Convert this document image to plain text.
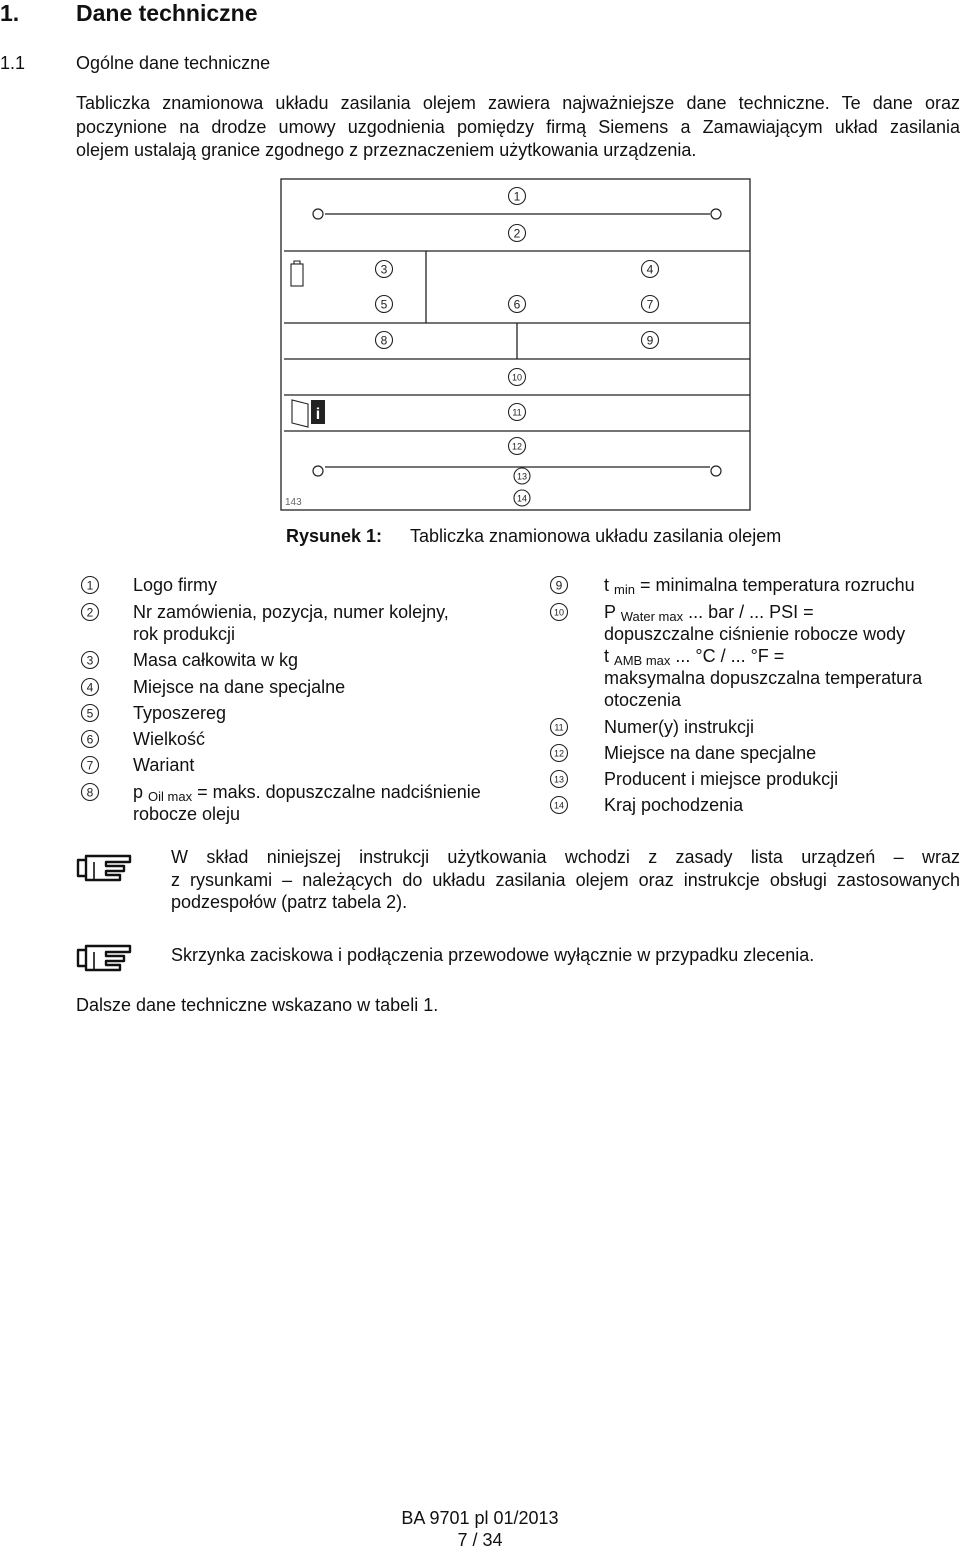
1. Dane techniczne
1.1	Ogólne dane techniczne
Tabliczka znamionowa układu zasilania olejem zawiera najważniejsze dane techniczne. Te dane oraz
poczynione na drodze umowy uzgodnienia pomiędzy firmą Siemens a Zamawiającym układ zasilania
olejem ustalają granice zgodnego z przeznaczeniem użytkowania urządzenia.
i
143
1
2
3	4
5	6	7
8	9
10
11
12
13
14
Rysunek 1: Tabliczka znamionowa układu zasilania olejem
1 Logo firmy
2 Nr zamówienia, pozycja, numer kolejny,
rok produkcji
3 Masa całkowita w kg
4 Miejsce na dane specjalne
5 Typoszereg
6 Wielkość
7 Wariant
8 p $_{Oil max}$ = maks. dopuszczalne nadciśnienie
robocze oleju
9 t $_{min}$ = minimalna temperatura rozruchu
10 P $_{Water max}$ ... bar / ... PSI =
dopuszczalne ciśnienie robocze wody
t $_{AMB max}$ ... °C / ... °F =
maksymalna dopuszczalna temperatura
otoczenia
11 Numer(y) instrukcji
12 Miejsce na dane specjalne
13 Producent i miejsce produkcji
14 Kraj pochodzenia
W skład niniejszej instrukcji użytkowania wchodzi z zasady lista urządzeń – wraz
z rysunkami – należących do układu zasilania olejem oraz instrukcje obsługi zastosowanych
podzespołów (patrz tabela 2).
Skrzynka zaciskowa i podłączenia przewodowe wyłącznie w przypadku zlecenia.
Dalsze dane techniczne wskazano w tabeli 1.
BA 9701 pl 01/2013
7 / 34
